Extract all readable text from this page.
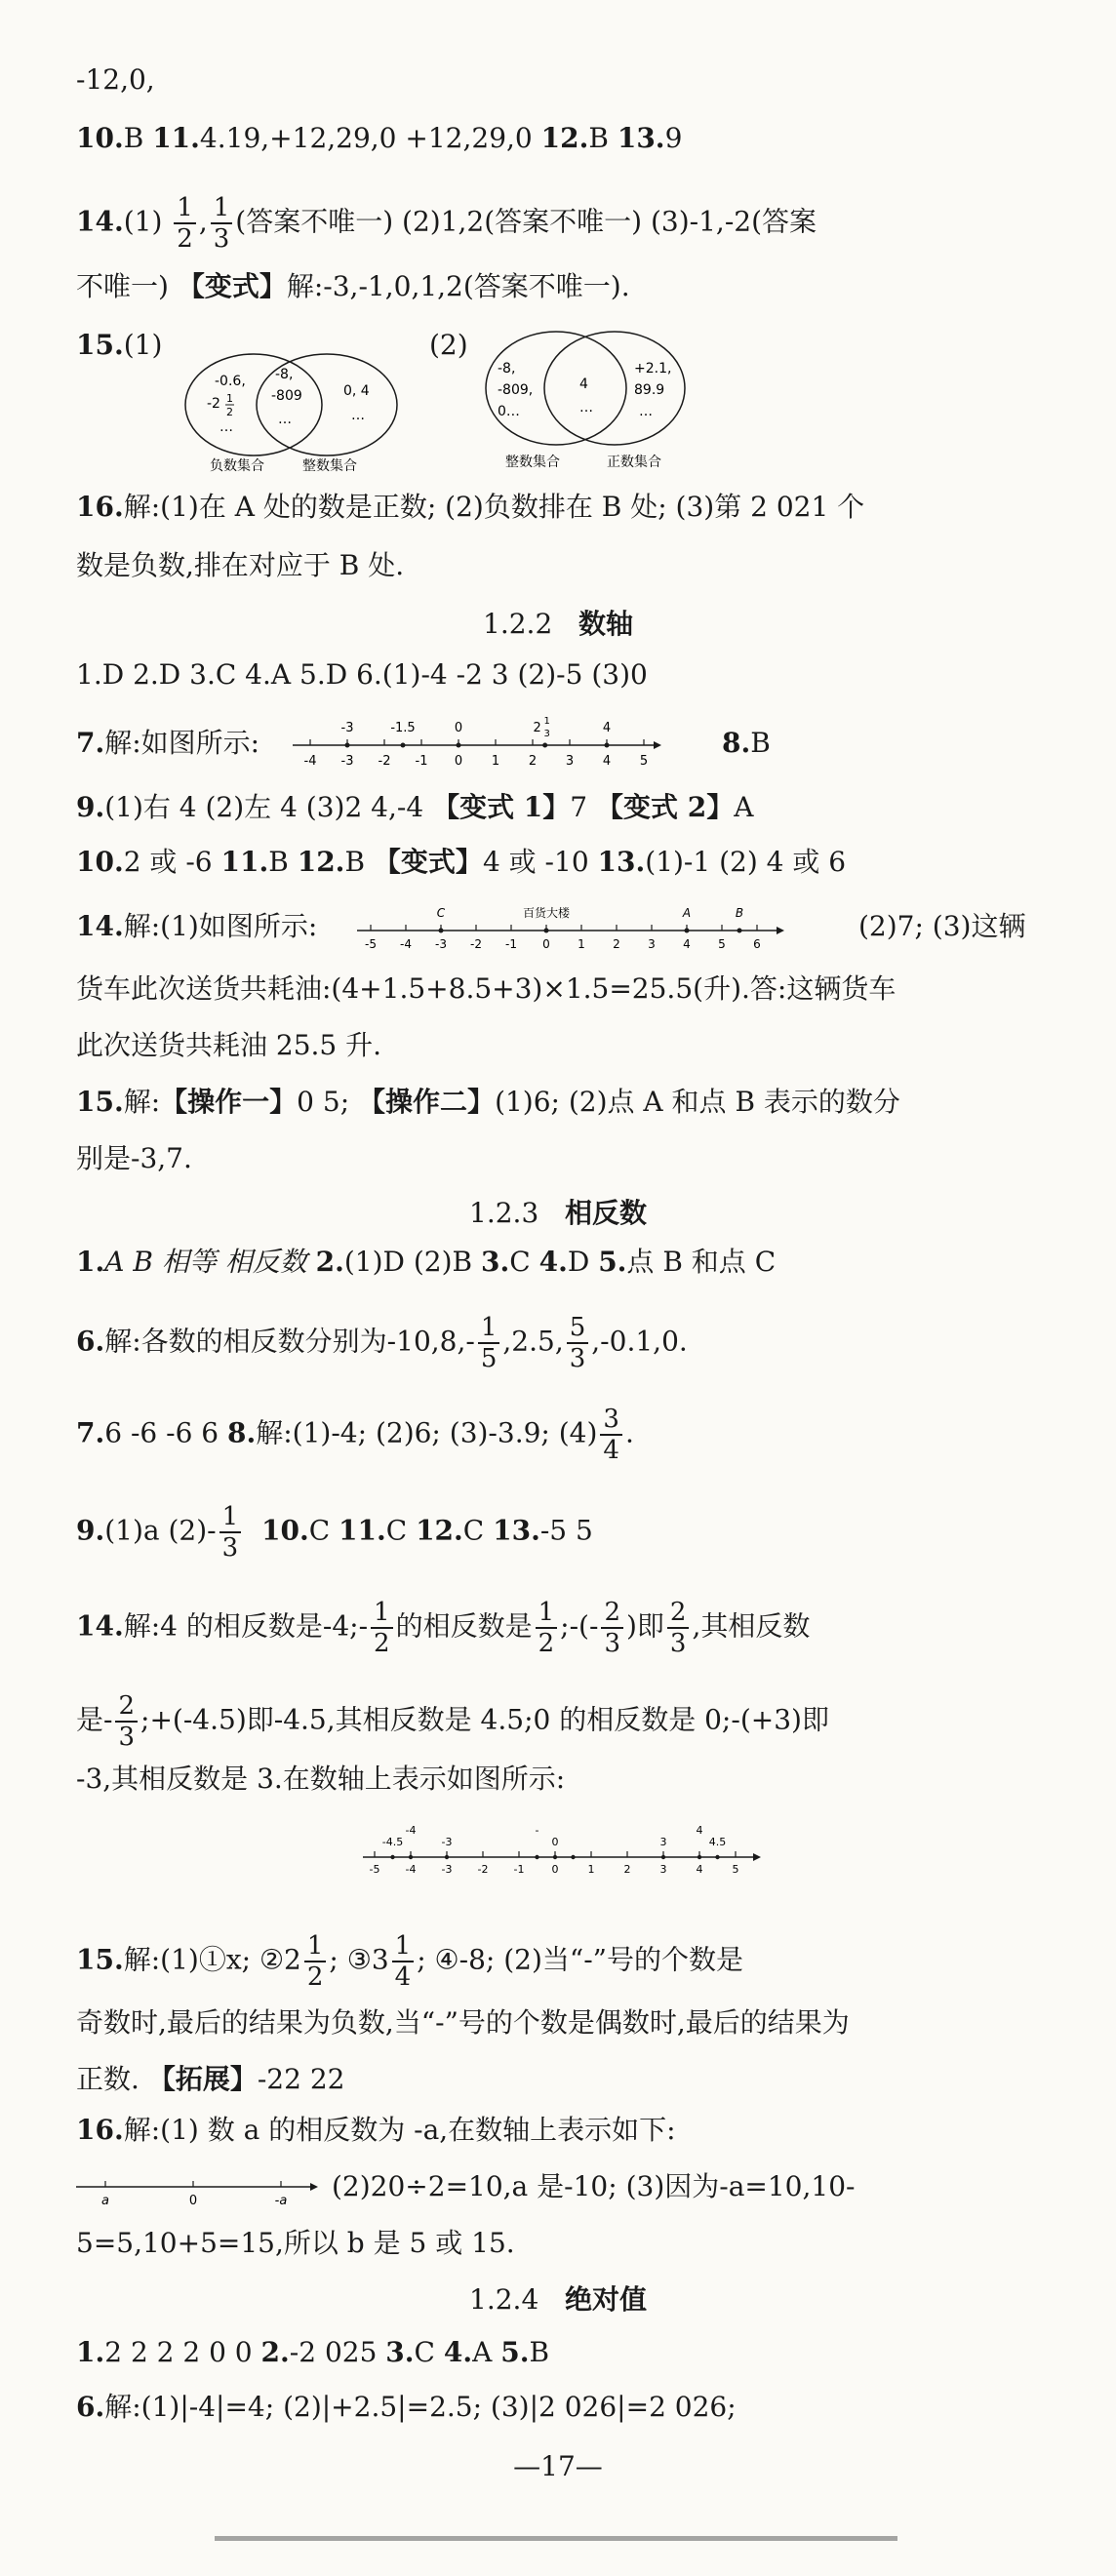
-12,0,
10.B 11.4.19,+12,29,0 +12,29,0 12.B 13.9
$14.(1) \frac{1}{2}$ , $\frac{1}{3}$ (答案不唯一) (2)1,2(答案不唯一) (3)-1,-2(答案
不唯一) 【变式】解:-3,-1,0,1,2(答案不唯一).
15.(1)	(2)
-0.6,
-2 1
2
…
-8,
-809
…
0, 4
…
负数集合	整数集合
-8,
-809,
0…
4
…
+2.1,
89.9
…
整数集合	正数集合
16.解:(1)在 A 处的数是正数; (2)负数排在 B 处; (3)第 2 021 个
数是负数,排在对应于 B 处.
1.2.2 数轴
1.D 2.D 3.C 4.A 5.D 6.(1)-4 -2 3 (2)-5 (3)0
7.解:如图所示:
-4 -3 -2 -1 0 1 2 3 4 5
-3	-1.5	0	2 1
3	4	8.B
9.(1)右 4 (2)左 4 (3)2 4,-4 【变式 1】7 【变式 2】A
10.2 或 -6 11.B 12.B 【变式】4 或 -10 13.(1)-1 (2) 4 或 6
14.解:(1)如图所示:
-5 -4 -3 -2 -1 0 1 2 3 4 5 6
C	百货大楼	A	B	(2)7; (3)这辆
货车此次送货共耗油:(4+1.5+8.5+3)×1.5=25.5(升).答:这辆货车
此次送货共耗油 25.5 升.
15.解:【操作一】0 5; 【操作二】(1)6; (2)点 A 和点 B 表示的数分
别是-3,7.
1.2.3 相反数
1.A B 相等 相反数 2.(1)D (2)B 3.C 4.D 5.点 B 和点 C
6.解:各数的相反数分别为$-10,8,- \frac{1}{5} ,2.5$, $\frac{5}{3} ,-0.1,0$.
7.6 -6 -6 6 8.解:(1)-4; (2)6; (3)-3.9; $(4) \frac{3}{4}$ .
9.(1)a $(2)- \frac{1}{3} 10.C$ 11.C 12.C 13.-5 5
14.解:4 的相反数是-4;- $\frac{1}{2}$ 的相反数是 $\frac{1}{2}$ ;-(- $\frac{2}{3}$ )即 $\frac{2}{3}$ ,其相反数
是- $\frac{2}{3}$ ;+(-4.5)即-4.5,其相反数是 4.5;0 的相反数是 0;-(+3)即
-3,其相反数是 3.在数轴上表示如图所示:
-5 -4 -3 -2 -1	0	1	2	3	4	5
-4.5
-4
-3
-
0	3
4
4.5
15.解:(1)①x; ②2 $\frac{1}{2}$ ; ③3 $\frac{1}{4}$ ; ④-8; (2)当“-”号的个数是
奇数时,最后的结果为负数,当“-”号的个数是偶数时,最后的结果为
正数. 【拓展】-22 22
16.解:(1) 数 a 的相反数为 -a,在数轴上表示如下:
a	0	-a (2)20÷2=10,a 是-10; (3)因为-a=10,10-
5=5,10+5=15,所以 b 是 5 或 15.
1.2.4 绝对值
1.2 2 2 2 0 0 2.-2 025 3.C 4.A 5.B
6.解:(1)|-4|=4; (2)|+2.5|=2.5; (3)|2 026|=2 026;
—17—
